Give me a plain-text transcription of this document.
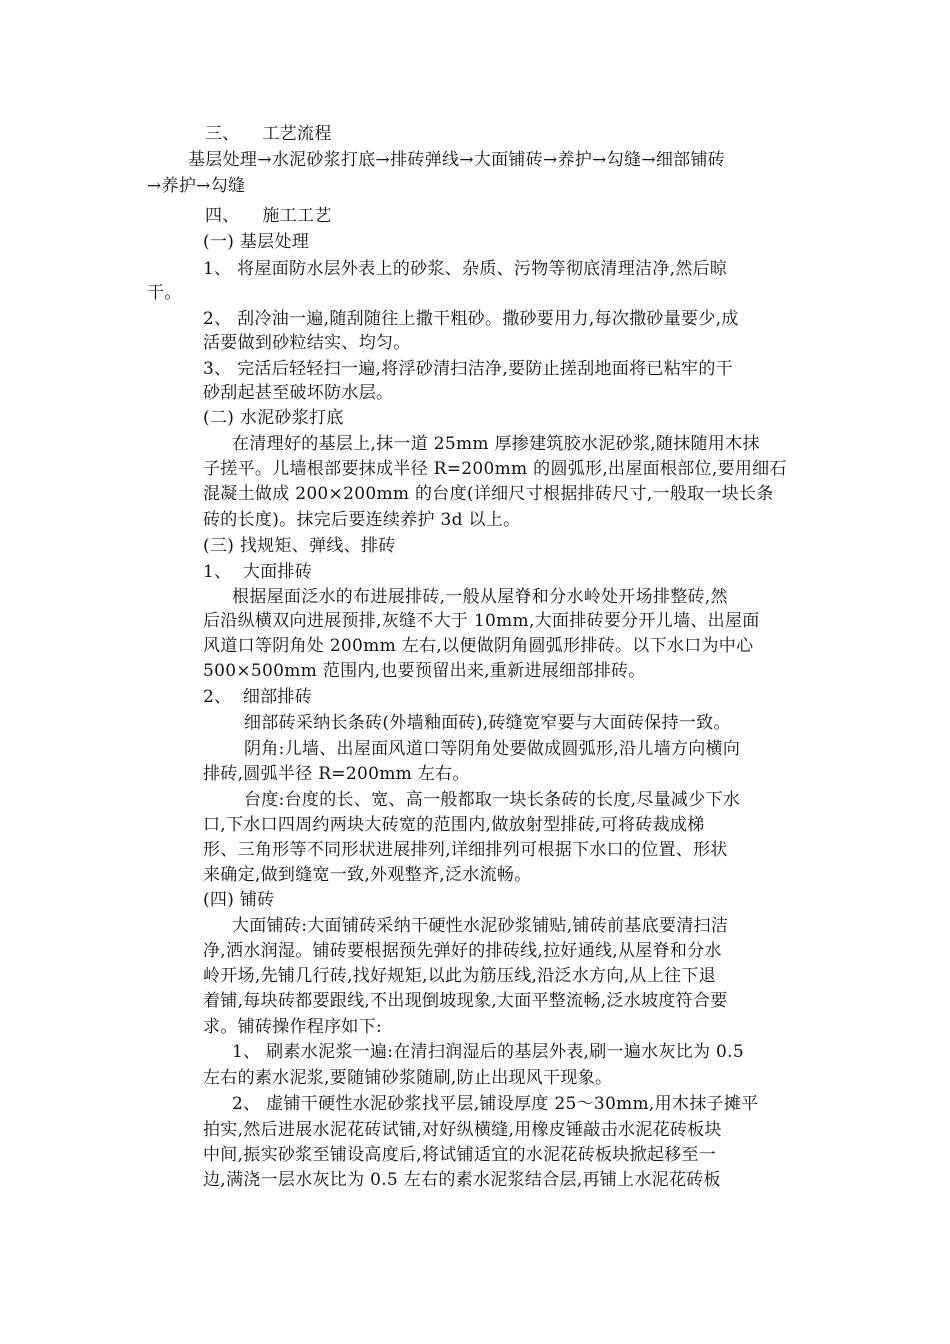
三、    工艺流程
基层处理→水泥砂浆打底→排砖弹线→大面铺砖→养护→勾缝→细部铺砖
→养护→勾缝
四、    施工工艺
(一) 基层处理
1、 将屋面防水层外表上的砂浆、杂质、污物等彻底清理洁净,然后晾
干。
2、 刮冷油一遍,随刮随往上撒干粗砂。撒砂要用力,每次撒砂量要少,成
活要做到砂粒结实、均匀。
3、 完活后轻轻扫一遍,将浮砂清扫洁净,要防止搓刮地面将已粘牢的干
砂刮起甚至破坏防水层。
(二) 水泥砂浆打底
在清理好的基层上,抹一道 25mm 厚掺建筑胶水泥砂浆,随抹随用木抹
子搓平。儿墙根部要抹成半径 R=200mm 的圆弧形,出屋面根部位,要用细石
混凝土做成 200×200mm 的台度(详细尺寸根据排砖尺寸,一般取一块长条
砖的长度)。抹完后要连续养护 3d 以上。
(三) 找规矩、弹线、排砖
1、  大面排砖
根据屋面泛水的布进展排砖,一般从屋脊和分水岭处开场排整砖,然
后沿纵横双向进展预排,灰缝不大于 10mm,大面排砖要分开儿墙、出屋面
风道口等阴角处 200mm 左右,以便做阴角圆弧形排砖。以下水口为中心
500×500mm 范围内,也要预留出来,重新进展细部排砖。
2、  细部排砖
细部砖采纳长条砖(外墙釉面砖),砖缝宽窄要与大面砖保持一致。
阴角:儿墙、出屋面风道口等阴角处要做成圆弧形,沿儿墙方向横向
排砖,圆弧半径 R=200mm 左右。
台度:台度的长、宽、高一般都取一块长条砖的长度,尽量减少下水
口,下水口四周约两块大砖宽的范围内,做放射型排砖,可将砖裁成梯
形、三角形等不同形状进展排列,详细排列可根据下水口的位置、形状
来确定,做到缝宽一致,外观整齐,泛水流畅。
(四) 铺砖
大面铺砖:大面铺砖采纳干硬性水泥砂浆铺贴,铺砖前基底要清扫洁
净,洒水润湿。铺砖要根据预先弹好的排砖线,拉好通线,从屋脊和分水
岭开场,先铺几行砖,找好规矩,以此为筋压线,沿泛水方向,从上往下退
着铺,每块砖都要跟线,不出现倒坡现象,大面平整流畅,泛水坡度符合要
求。铺砖操作程序如下:
1、 刷素水泥浆一遍:在清扫润湿后的基层外表,刷一遍水灰比为 0.5
左右的素水泥浆,要随铺砂浆随刷,防止出现风干现象。
2、 虚铺干硬性水泥砂浆找平层,铺设厚度 25～30mm,用木抹子摊平
拍实,然后进展水泥花砖试铺,对好纵横缝,用橡皮锤敲击水泥花砖板块
中间,振实砂浆至铺设高度后,将试铺适宜的水泥花砖板块掀起移至一
边,满浇一层水灰比为 0.5 左右的素水泥浆结合层,再铺上水泥花砖板
